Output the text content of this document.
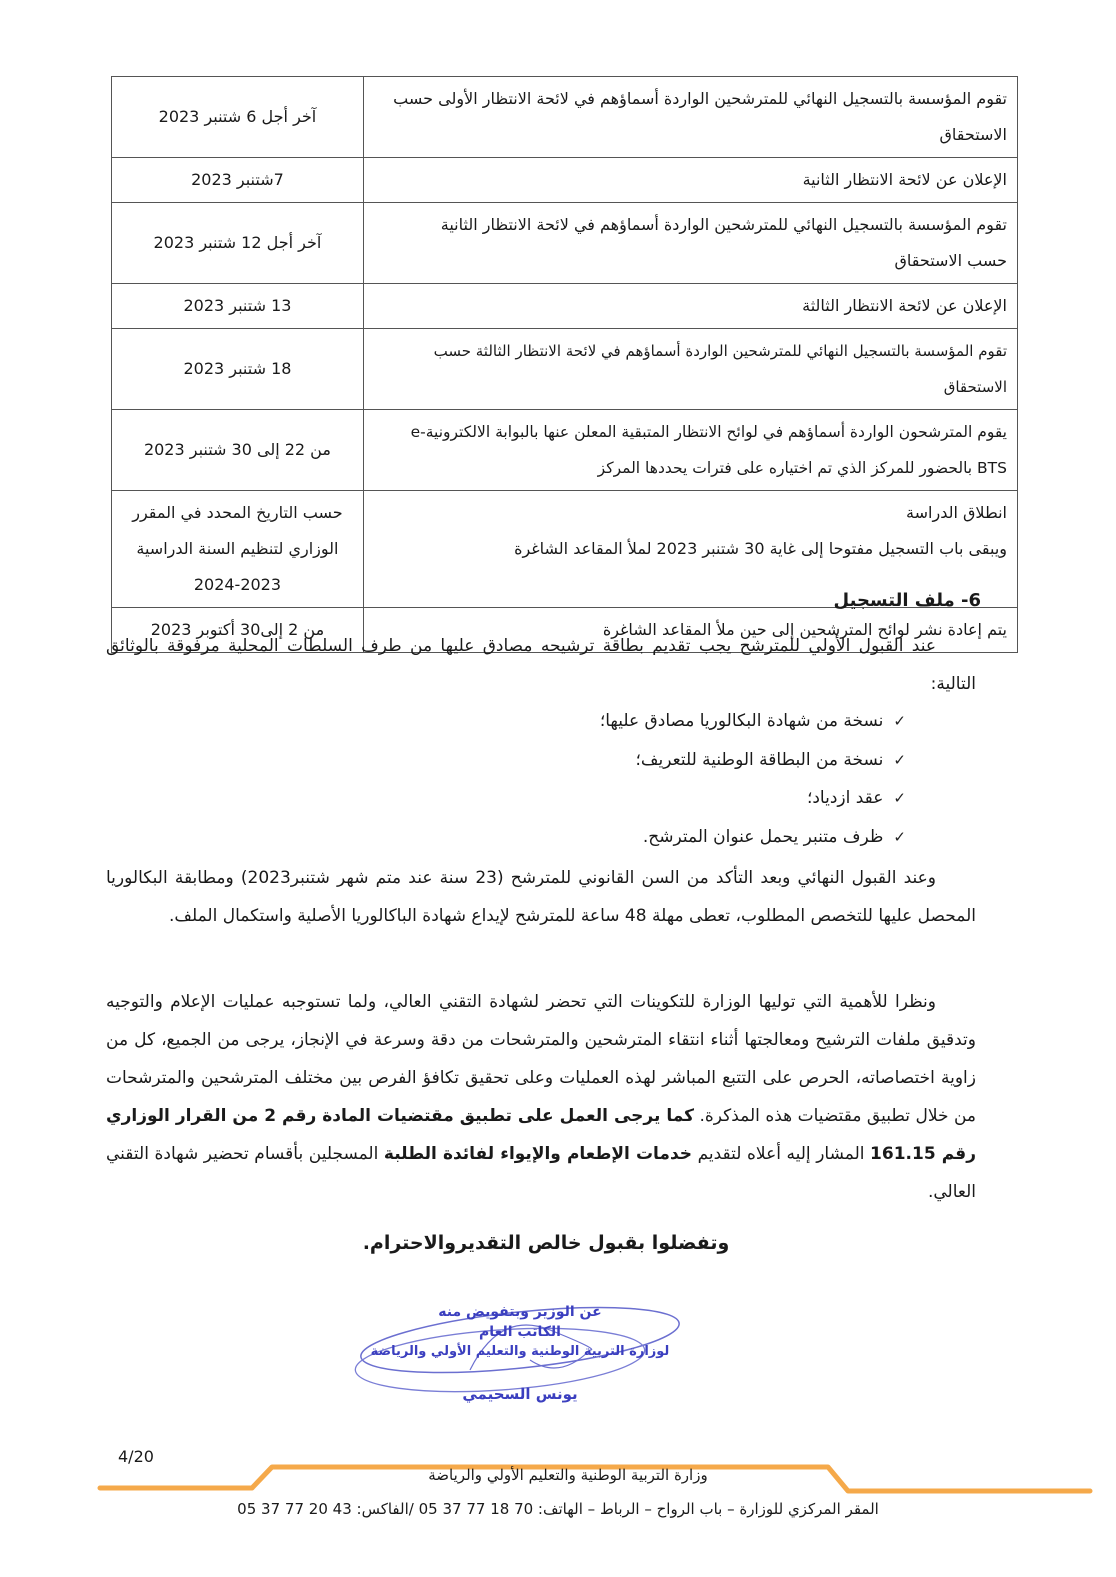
تقوم المؤسسة بالتسجيل النهائي للمترشحين الواردة أسماؤهم في لائحة الانتظار الأولى حسب
الاستحقاق	آخر أجل 6 شتنبر 2023

الإعلان عن لائحة الانتظار الثانية	7شتنبر 2023

تقوم المؤسسة بالتسجيل النهائي للمترشحين الواردة أسماؤهم في لائحة الانتظار الثانية
حسب الاستحقاق	آخر أجل 12 شتنبر 2023

الإعلان عن لائحة الانتظار الثالثة	13 شتنبر 2023

تقوم المؤسسة بالتسجيل النهائي للمترشحين الواردة أسماؤهم في لائحة الانتظار الثالثة حسب الاستحقاق	18 شتنبر 2023

يقوم المترشحون الواردة أسماؤهم في لوائح الانتظار المتبقية المعلن عنها بالبوابة الالكترونية-e
BTS بالحضور للمركز الذي تم اختياره على فترات يحددها المركز	من 22 إلى 30 شتنبر 2023

انطلاق الدراسة
ويبقى باب التسجيل مفتوحا إلى غاية 30 شتنبر 2023 لملأ المقاعد الشاغرة	حسب التاريخ المحدد في المقرر
الوزاري لتنظيم السنة الدراسية
2024-2023

يتم إعادة نشر لوائح المترشحين إلى حين ملأ المقاعد الشاغرة	من 2 إلى30 أكتوبر 2023
6- ملف التسجيل

عند القبول الأولي للمترشح يجب تقديم بطاقة ترشيحه مصادق عليها من طرف السلطات المحلية مرفوقة بالوثائق التالية:

✓
نسخة من شهادة البكالوريا مصادق عليها؛
✓
نسخة من البطاقة الوطنية للتعريف؛
✓
عقد ازدياد؛
✓
ظرف متنبر يحمل عنوان المترشح.

وعند القبول النهائي وبعد التأكد من السن القانوني للمترشح (23 سنة عند متم شهر شتنبر2023) ومطابقة البكالوريا المحصل عليها للتخصص المطلوب، تعطى مهلة 48 ساعة للمترشح لإيداع شهادة الباكالوريا الأصلية واستكمال الملف.

ونظرا للأهمية التي توليها الوزارة للتكوينات التي تحضر لشهادة التقني العالي، ولما تستوجبه عمليات الإعلام والتوجيه وتدقيق ملفات الترشيح ومعالجتها أثناء انتقاء المترشحين والمترشحات من دقة وسرعة في الإنجاز، يرجى من الجميع، كل من زاوية اختصاصاته، الحرص على التتبع المباشر لهذه العمليات وعلى تحقيق تكافؤ الفرص بين مختلف المترشحين والمترشحات من خلال تطبيق مقتضيات هذه المذكرة. كما يرجى العمل على تطبيق مقتضيات المادة رقم 2 من القرار الوزاري رقم 161.15 المشار إليه أعلاه لتقديم خدمات الإطعام والإيواء لفائدة الطلبة المسجلين بأقسام تحضير شهادة التقني العالي.

وتفضلوا بقبول خالص التقديروالاحترام.
عن الوزير وبتفويض منه
الكاتب العام
لوزارة التربية الوطنية والتعليم الأولي والرياضة
يونس السحيمي
4/20
وزارة التربية الوطنية والتعليم الأولي والرياضة
المقر المركزي للوزارة – باب الرواح – الرباط – الهاتف: 70 18 77 37 05 /الفاكس: 43 20 77 37 05
